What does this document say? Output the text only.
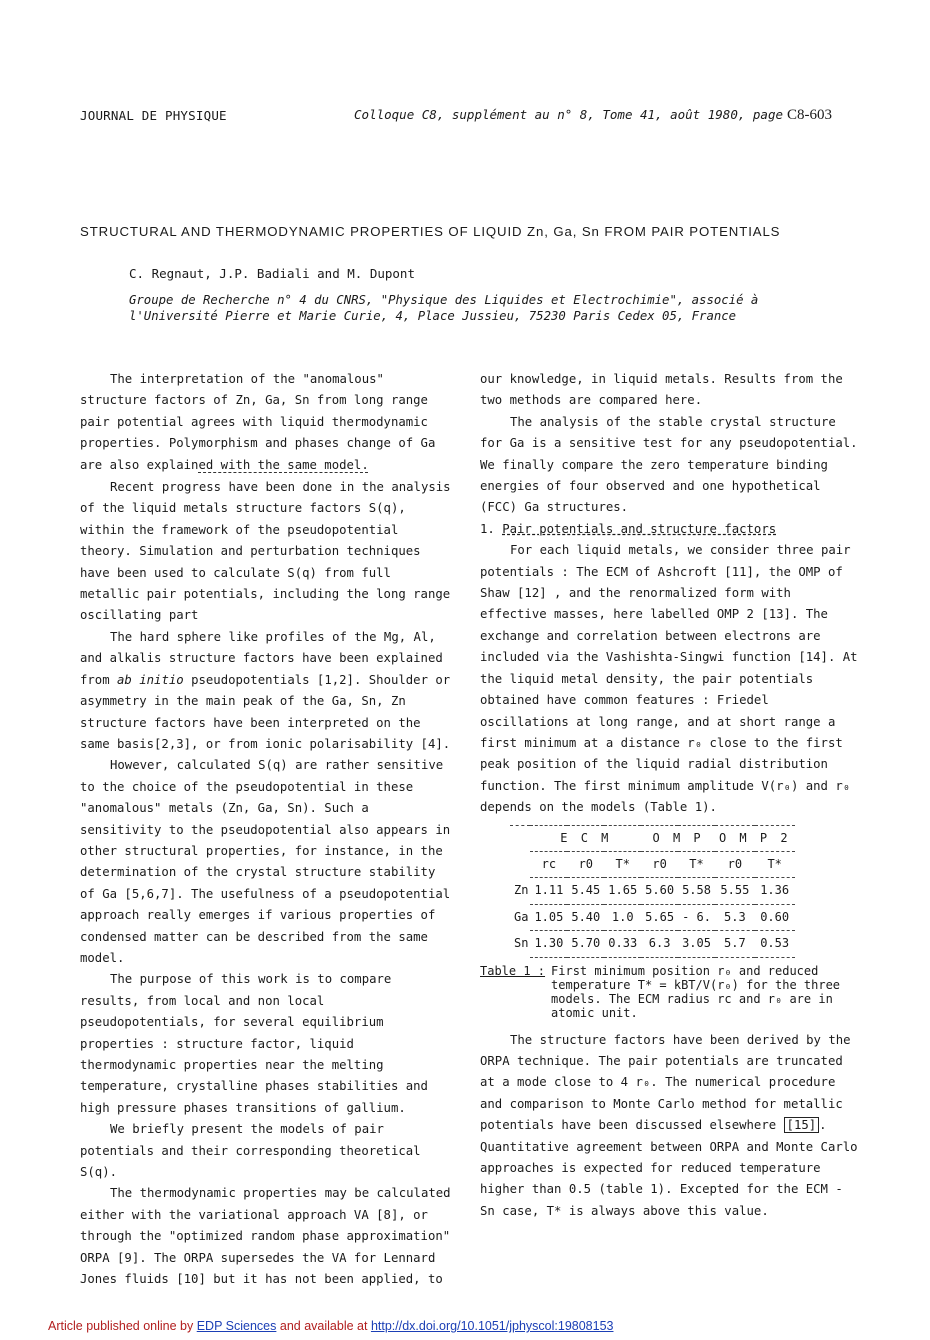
JOURNAL DE PHYSIQUE	Colloque C8, supplément au n° 8, Tome 41, août 1980, page C8-603
STRUCTURAL AND THERMODYNAMIC PROPERTIES OF LIQUID Zn, Ga, Sn FROM PAIR POTENTIALS
C. Regnaut, J.P. Badiali and M. Dupont
Groupe de Recherche n° 4 du CNRS, "Physique des Liquides et Electrochimie", associé à
l'Université Pierre et Marie Curie, 4, Place Jussieu, 75230 Paris Cedex 05, France

The interpretation of the "anomalous" structure factors of Zn, Ga, Sn from long range pair potential agrees with liquid thermodynamic properties. Polymorphism and phases change of Ga are also explained with the same model.

Recent progress have been done in the analysis of the liquid metals structure factors S(q), within the framework of the pseudopotential theory. Simulation and perturbation techniques have been used to calculate S(q) from full metallic pair potentials, including the long range oscillating part

The hard sphere like profiles of the Mg, Al, and alkalis structure factors have been explained from ab initio pseudopotentials [1,2]. Shoulder or asymmetry in the main peak of the Ga, Sn, Zn structure factors have been interpreted on the same basis[2,3], or from ionic polarisability [4].

However, calculated S(q) are rather sensitive to the choice of the pseudopotential in these "anomalous" metals (Zn, Ga, Sn). Such a sensitivity to the pseudopotential also appears in other structural properties, for instance, in the determination of the crystal structure stability of Ga [5,6,7]. The usefulness of a pseudopotential approach really emerges if various properties of condensed matter can be described from the same model.

The purpose of this work is to compare results, from local and non local pseudopotentials, for several equilibrium properties : structure factor, liquid thermodynamic properties near the melting temperature, crystalline phases stabilities and high pressure phases transitions of gallium.

We briefly present the models of pair potentials and their corresponding theoretical S(q).

The thermodynamic properties may be calculated either with the variational approach VA [8], or through the "optimized random phase approximation" ORPA [9]. The ORPA supersedes the VA for Lennard Jones fluids [10] but it has not been applied, to

our knowledge, in liquid metals. Results from the two methods are compared here.

The analysis of the stable crystal structure for Ga is a sensitive test for any pseudopotential. We finally compare the zero temperature binding energies of four observed and one hypothetical (FCC) Ga structures.

1. Pair potentials and structure factors

For each liquid metals, we consider three pair potentials : The ECM of Ashcroft [11], the OMP of Shaw [12] , and the renormalized form with effective masses, here labelled OMP 2 [13]. The exchange and correlation between electrons are included via the Vashishta-Singwi function [14]. At the liquid metal density, the pair potentials obtained have common features : Friedel oscillations at long range, and at short range a first minimum at a distance r₀ close to the first peak position of the liquid radial distribution function. The first minimum amplitude V(r₀) and r₀ depends on the models (Table 1).

	E C M			O M P		O M P 2	
	rc	r0	T*	r0	T*	r0	T*
Zn	1.11	5.45	1.65	5.60	5.58	5.55	1.36
Ga	1.05	5.40	1.0	5.65	- 6.	5.3	0.60
Sn	1.30	5.70	0.33	6.3	3.05	5.7	0.53
Table 1 : First minimum position r₀ and reduced temperature T* = kBT/V(r₀) for the three models. The ECM radius rc and r₀ are in atomic unit.

The structure factors have been derived by the ORPA technique. The pair potentials are truncated at a mode close to 4 r₀. The numerical procedure and comparison to Monte Carlo method for metallic potentials have been discussed elsewhere [15] . Quantitative agreement between ORPA and Monte Carlo approaches is expected for reduced temperature higher than 0.5 (table 1). Excepted for the ECM - Sn case, T* is always above this value.

Article published online by EDP Sciences and available at http://dx.doi.org/10.1051/jphyscol:19808153
